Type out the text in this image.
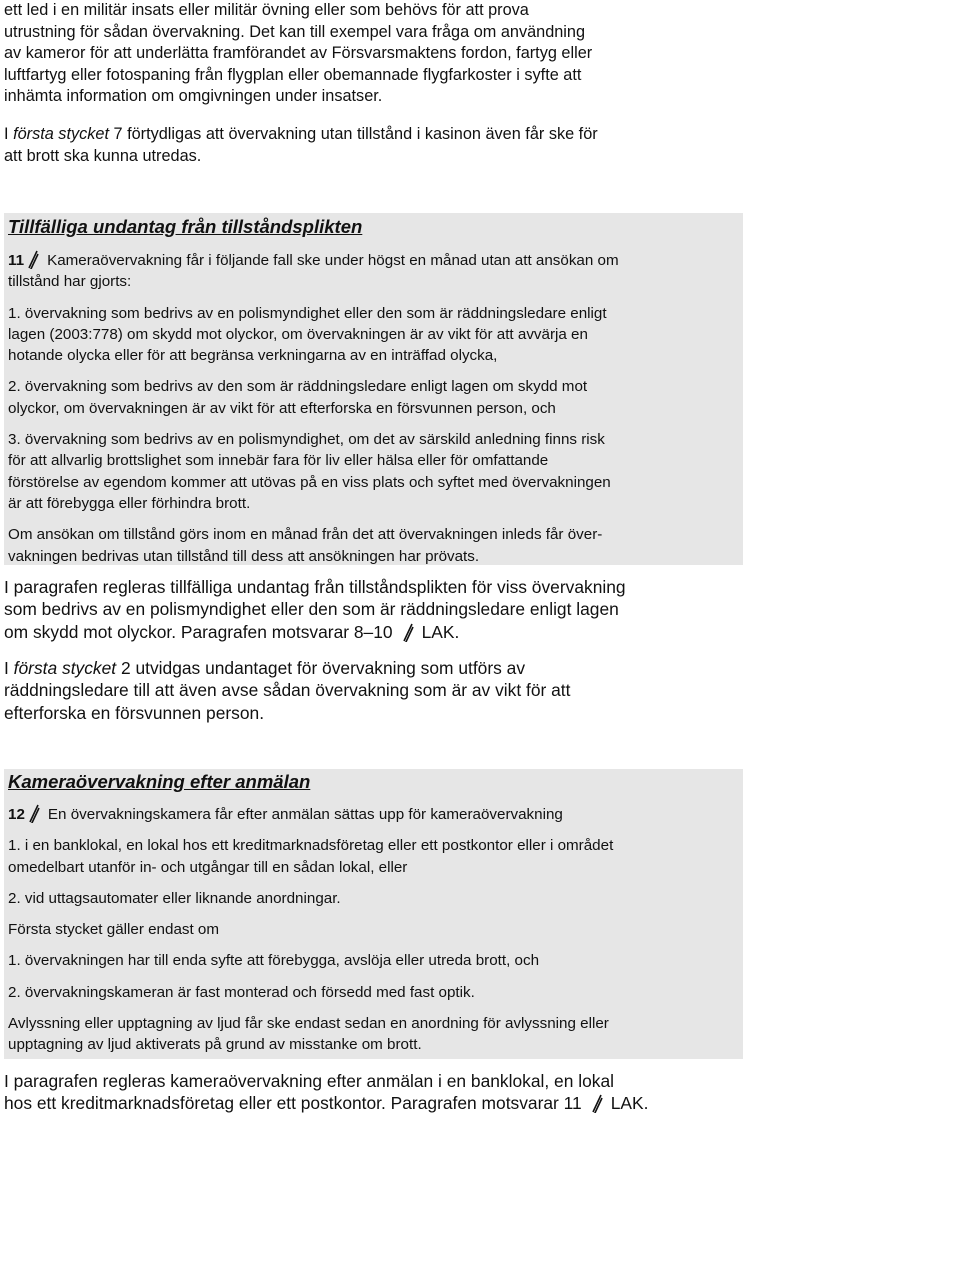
ett led i en militär insats eller militär övning eller som behövs för att prova

utrustning för sådan övervakning. Det kan till exempel vara fråga om användning

av kameror för att underlätta framförandet av Försvarsmaktens fordon, fartyg eller

luftfartyg eller fotospaning från flygplan eller obemannade flygfarkoster i syfte att

inhämta information om omgivningen under insatser.

I första stycket 7 förtydligas att övervakning utan tillstånd i kasinon även får ske för

att brott ska kunna utredas.

Tillfälliga undantag från tillståndsplikten

11 Kameraövervakning får i följande fall ske under högst en månad utan att ansökan om

tillstånd har gjorts:

1. övervakning som bedrivs av en polismyndighet eller den som är räddningsledare enligt

lagen (2003:778) om skydd mot olyckor, om övervakningen är av vikt för att avvärja en

hotande olycka eller för att begränsa verkningarna av en inträffad olycka,

2. övervakning som bedrivs av den som är räddningsledare enligt lagen om skydd mot

olyckor, om övervakningen är av vikt för att efterforska en försvunnen person, och

3. övervakning som bedrivs av en polismyndighet, om det av särskild anledning finns risk

för att allvarlig brottslighet som innebär fara för liv eller hälsa eller för omfattande

förstörelse av egendom kommer att utövas på en viss plats och syftet med övervakningen

är att förebygga eller förhindra brott.

Om ansökan om tillstånd görs inom en månad från det att övervakningen inleds får över-

vakningen bedrivas utan tillstånd till dess att ansökningen har prövats.

I paragrafen regleras tillfälliga undantag från tillståndsplikten för viss övervakning

som bedrivs av en polismyndighet eller den som är räddningsledare enligt lagen

om skydd mot olyckor. Paragrafen motsvarar 8–10 LAK.

I första stycket 2 utvidgas undantaget för övervakning som utförs av

räddningsledare till att även avse sådan övervakning som är av vikt för att

efterforska en försvunnen person.

Kameraövervakning efter anmälan

12 En övervakningskamera får efter anmälan sättas upp för kameraövervakning

1. i en banklokal, en lokal hos ett kreditmarknadsföretag eller ett postkontor eller i området

omedelbart utanför in- och utgångar till en sådan lokal, eller

2. vid uttagsautomater eller liknande anordningar.

Första stycket gäller endast om

1. övervakningen har till enda syfte att förebygga, avslöja eller utreda brott, och

2. övervakningskameran är fast monterad och försedd med fast optik.

Avlyssning eller upptagning av ljud får ske endast sedan en anordning för avlyssning eller

upptagning av ljud aktiverats på grund av misstanke om brott.

I paragrafen regleras kameraövervakning efter anmälan i en banklokal, en lokal

hos ett kreditmarknadsföretag eller ett postkontor. Paragrafen motsvarar 11 LAK.
